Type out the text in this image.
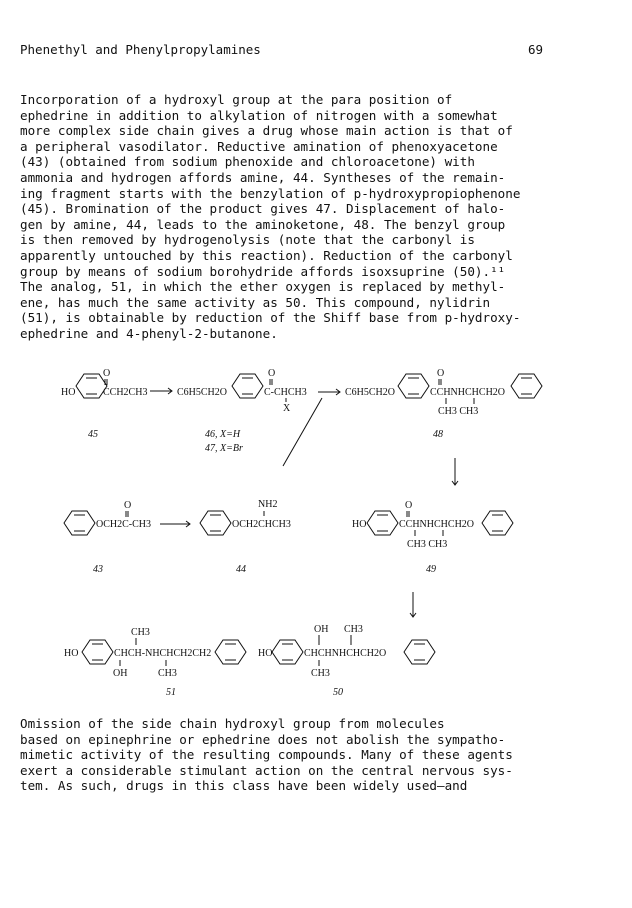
Phenethyl and Phenylpropylamines	69

Incorporation of a hydroxyl group at the para position of

ephedrine in addition to alkylation of nitrogen with a somewhat

more complex side chain gives a drug whose main action is that of

a peripheral vasodilator. Reductive amination of phenoxyacetone

(43) (obtained from sodium phenoxide and chloroacetone) with

ammonia and hydrogen affords amine, 44. Syntheses of the remain-

ing fragment starts with the benzylation of p-hydroxypropiophenone

(45). Bromination of the product gives 47. Displacement of halo-

gen by amine, 44, leads to the aminoketone, 48. The benzyl group

is then removed by hydrogenolysis (note that the carbonyl is

apparently untouched by this reaction). Reduction of the carbonyl

group by means of sodium borohydride affords isoxsuprine (50).¹¹

The analog, 51, in which the ether oxygen is replaced by methyl-

ene, has much the same activity as 50. This compound, nylidrin

(51), is obtainable by reduction of the Shiff base from p-hydroxy-

ephedrine and 4-phenyl-2-butanone.

HO
O
CCH2CH3
45
C6H5CH2O
O
C-CHCH3
X
46, X=H
47, X=Br
C6H5CH2O
O
CCHNHCHCH2O
CH3 CH3
48
O
OCH2C-CH3
43
NH2
OCH2CHCH3
44
HO
O
CCHNHCHCH2O
CH3 CH3
49
HO
CH3
CHCH-NHCHCH2CH2
OH	CH3
51
HO
OH CH3
CHCHNHCHCH2O
CH3
50

Omission of the side chain hydroxyl group from molecules

based on epinephrine or ephedrine does not abolish the sympatho-

mimetic activity of the resulting compounds. Many of these agents

exert a considerable stimulant action on the central nervous sys-

tem. As such, drugs in this class have been widely used—and
